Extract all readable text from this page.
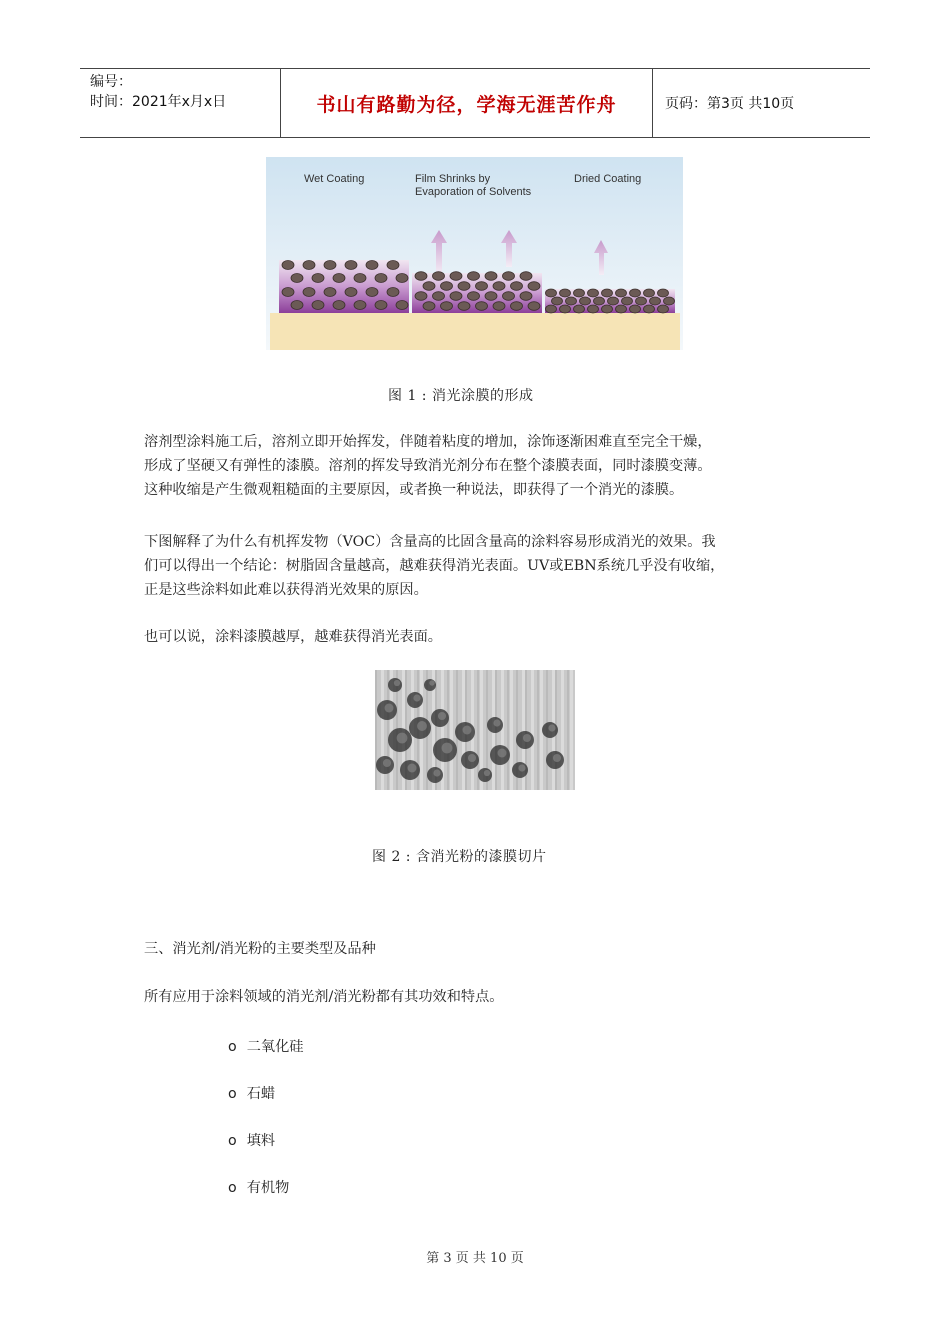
编号：
时间：2021年x月x日	书山有路勤为径，学海无涯苦作舟	页码：第3页 共10页
Wet Coating	Film Shrinks by
Evaporation of Solvents
Dried Coating
图 1 : 消光涂膜的形成
溶剂型涂料施工后，溶剂立即开始挥发，伴随着粘度的增加，涂饰逐渐困难直至完全干燥，
形成了坚硬又有弹性的漆膜。溶剂的挥发导致消光剂分布在整个漆膜表面，同时漆膜变薄。
这种收缩是产生微观粗糙面的主要原因，或者换一种说法，即获得了一个消光的漆膜。
下图解释了为什么有机挥发物（VOC）含量高的比固含量高的涂料容易形成消光的效果。我
们可以得出一个结论：树脂固含量越高，越难获得消光表面。UV或EBN系统几乎没有收缩，
正是这些涂料如此难以获得消光效果的原因。
也可以说，涂料漆膜越厚，越难获得消光表面。
图 2 : 含消光粉的漆膜切片
三、消光剂/消光粉的主要类型及品种
所有应用于涂料领域的消光剂/消光粉都有其功效和特点。
o 二氧化硅
o 石蜡
o 填料
o 有机物
第 3 页 共 10 页
